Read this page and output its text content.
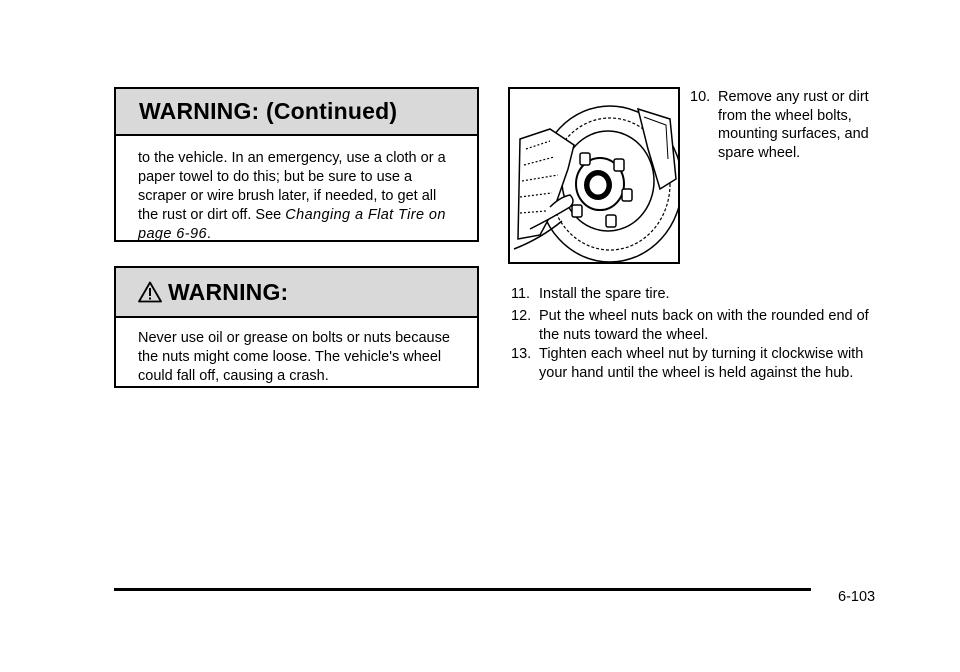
WARNING: (Continued)
to the vehicle. In an emergency, use a cloth or a paper towel to do this; but be sure to use a scraper or wire brush later, if needed, to get all the rust or dirt off. See Changing a Flat Tire on page 6-96.
WARNING:
Never use oil or grease on bolts or nuts because the nuts might come loose. The vehicle's wheel could fall off, causing a crash.
10. Remove any rust or dirt from the wheel bolts, mounting surfaces, and spare wheel.
11. Install the spare tire.
12. Put the wheel nuts back on with the rounded end of the nuts toward the wheel.
13. Tighten each wheel nut by turning it clockwise with your hand until the wheel is held against the hub.
6-103
